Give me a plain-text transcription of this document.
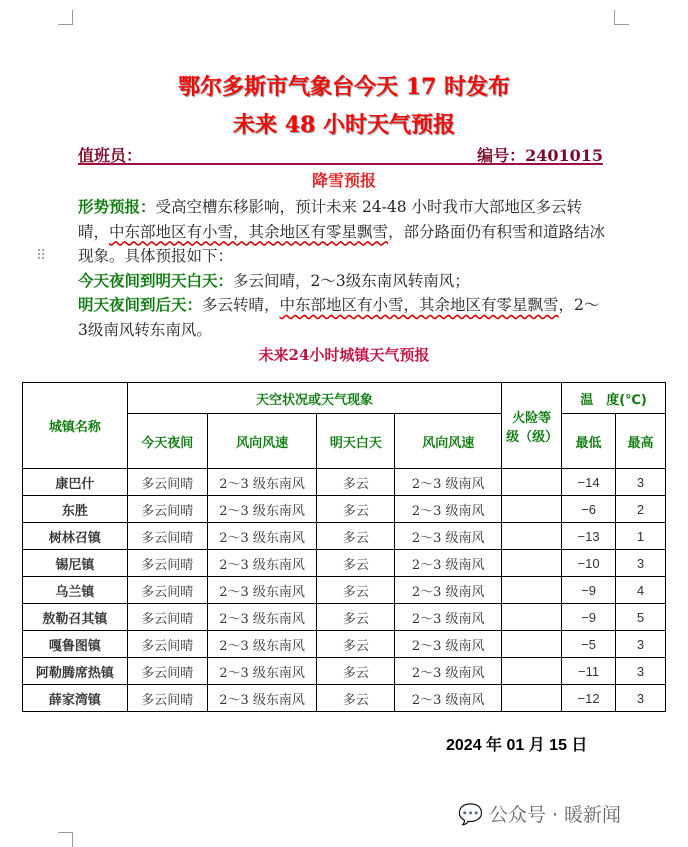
鄂尔多斯市气象台今天 17 时发布
未来 48 小时天气预报
值班员：	编号：2401015
降雪预报
⠿
形势预报：受高空槽东移影响，预计未来 24-48 小时我市大部地区多云转晴，中东部地区有小雪，其余地区有零星飘雪，部分路面仍有积雪和道路结冰现象。具体预报如下：
今天夜间到明天白天：多云间晴，2～3级东南风转南风；
明天夜间到后天：多云转晴，中东部地区有小雪，其余地区有零星飘雪，2～3级南风转东南风。
未来24小时城镇天气预报
城镇名称	天空状况或天气现象				火险等级（级）	温　度(℃)	
	今天夜间	风向风速	明天白天	风向风速		最低	最高
康巴什	多云间晴	2～3 级东南风	多云	2～3 级南风		−14	3
东胜	多云间晴	2～3 级东南风	多云	2～3 级南风		−6	2
树林召镇	多云间晴	2～3 级东南风	多云	2～3 级南风		−13	1
锡尼镇	多云间晴	2～3 级东南风	多云	2～3 级南风		−10	3
乌兰镇	多云间晴	2～3 级东南风	多云	2～3 级南风		−9	4
敖勒召其镇	多云间晴	2～3 级东南风	多云	2～3 级南风		−9	5
嘎鲁图镇	多云间晴	2～3 级东南风	多云	2～3 级南风		−5	3
阿勒腾席热镇	多云间晴	2～3 级东南风	多云	2～3 级南风		−11	3
薛家湾镇	多云间晴	2～3 级东南风	多云	2～3 级南风		−12	3
2024 年 01 月 15 日
💬 公众号 · 暖新闻
